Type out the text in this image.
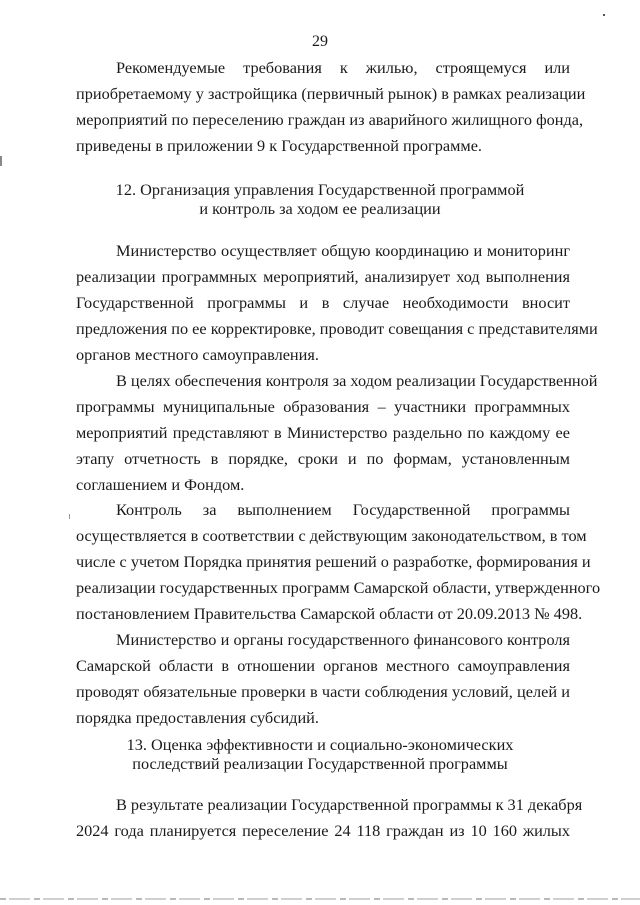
29
Рекомендуемые требования к жилью, строящемуся или
приобретаемому у застройщика (первичный рынок) в рамках реализации
мероприятий по переселению граждан из аварийного жилищного фонда,
приведены в приложении 9 к Государственной программе.
12. Организация управления Государственной программой
и контроль за ходом ее реализации
Министерство осуществляет общую координацию и мониторинг
реализации программных мероприятий, анализирует ход выполнения
Государственной программы и в случае необходимости вносит
предложения по ее корректировке, проводит совещания с представителями
органов местного самоуправления.
В целях обеспечения контроля за ходом реализации Государственной
программы муниципальные образования – участники программных
мероприятий представляют в Министерство раздельно по каждому ее
этапу отчетность в порядке, сроки и по формам, установленным
соглашением и Фондом.
Контроль за выполнением Государственной программы
осуществляется в соответствии с действующим законодательством, в том
числе с учетом Порядка принятия решений о разработке, формирования и
реализации государственных программ Самарской области, утвержденного
постановлением Правительства Самарской области от 20.09.2013 № 498.
Министерство и органы государственного финансового контроля
Самарской области в отношении органов местного самоуправления
проводят обязательные проверки в части соблюдения условий, целей и
порядка предоставления субсидий.
13. Оценка эффективности и социально-экономических
последствий реализации Государственной программы
В результате реализации Государственной программы к 31 декабря
2024 года планируется переселение 24 118 граждан из 10 160 жилых
